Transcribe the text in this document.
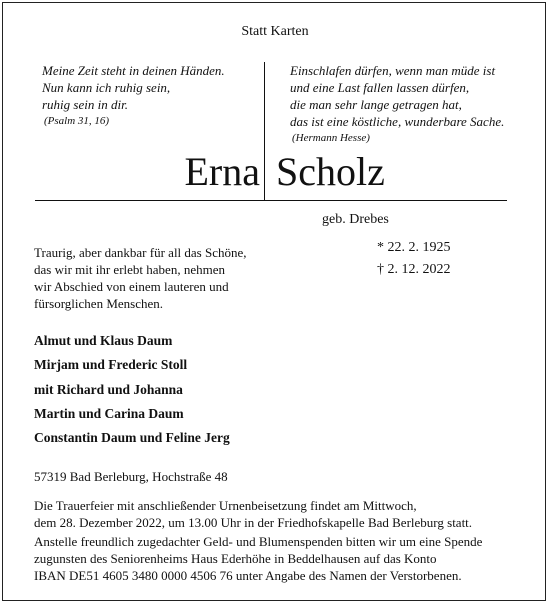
Statt Karten
Meine Zeit steht in deinen Händen.
Nun kann ich ruhig sein,
ruhig sein in dir.
(Psalm 31, 16)
Einschlafen dürfen, wenn man müde ist
und eine Last fallen lassen dürfen,
die man sehr lange getragen hat,
das ist eine köstliche, wunderbare Sache.
(Hermann Hesse)
Erna Scholz
geb. Drebes
* 22. 2. 1925
† 2. 12. 2022
Traurig, aber dankbar für all das Schöne,
das wir mit ihr erlebt haben, nehmen
wir Abschied von einem lauteren und
fürsorglichen Menschen.
Almut und Klaus Daum
Mirjam und Frederic Stoll
mit Richard und Johanna
Martin und Carina Daum
Constantin Daum und Feline Jerg
57319 Bad Berleburg, Hochstraße 48
Die Trauerfeier mit anschließender Urnenbeisetzung findet am Mittwoch,
dem 28. Dezember 2022, um 13.00 Uhr in der Friedhofskapelle Bad Berleburg statt.
Anstelle freundlich zugedachter Geld- und Blumenspenden bitten wir um eine Spende
zugunsten des Seniorenheims Haus Ederhöhe in Beddelhausen auf das Konto
IBAN DE51 4605 3480 0000 4506 76 unter Angabe des Namen der Verstorbenen.
